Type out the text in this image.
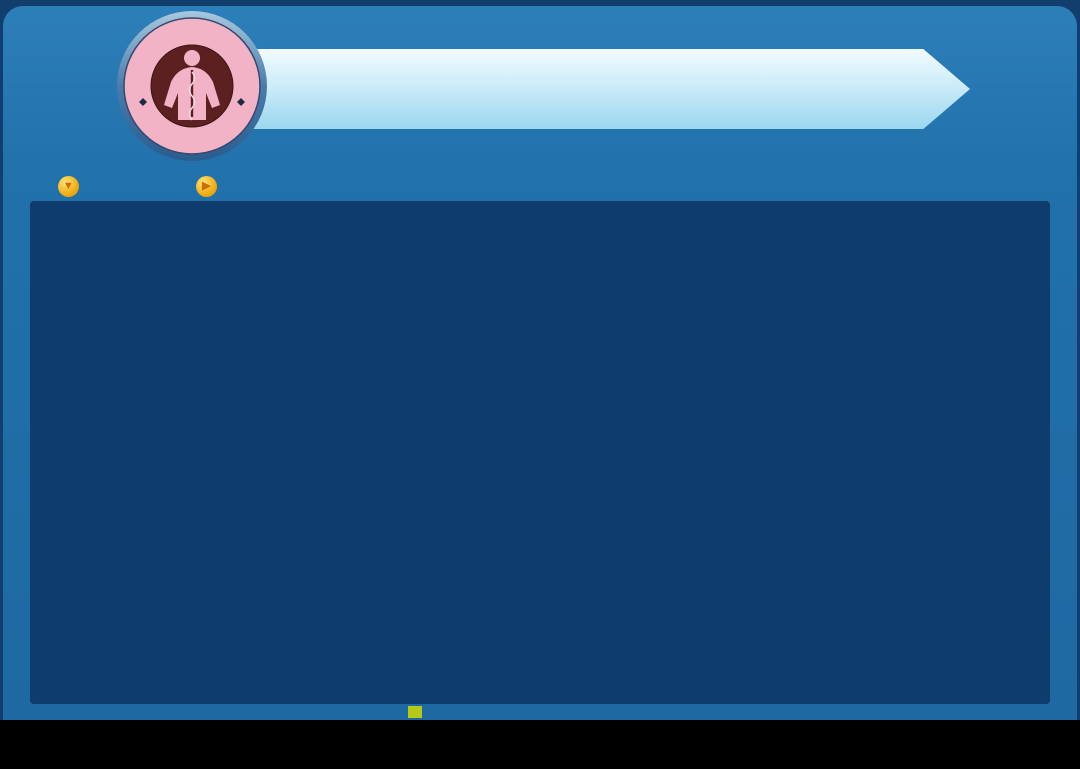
▼	▶
